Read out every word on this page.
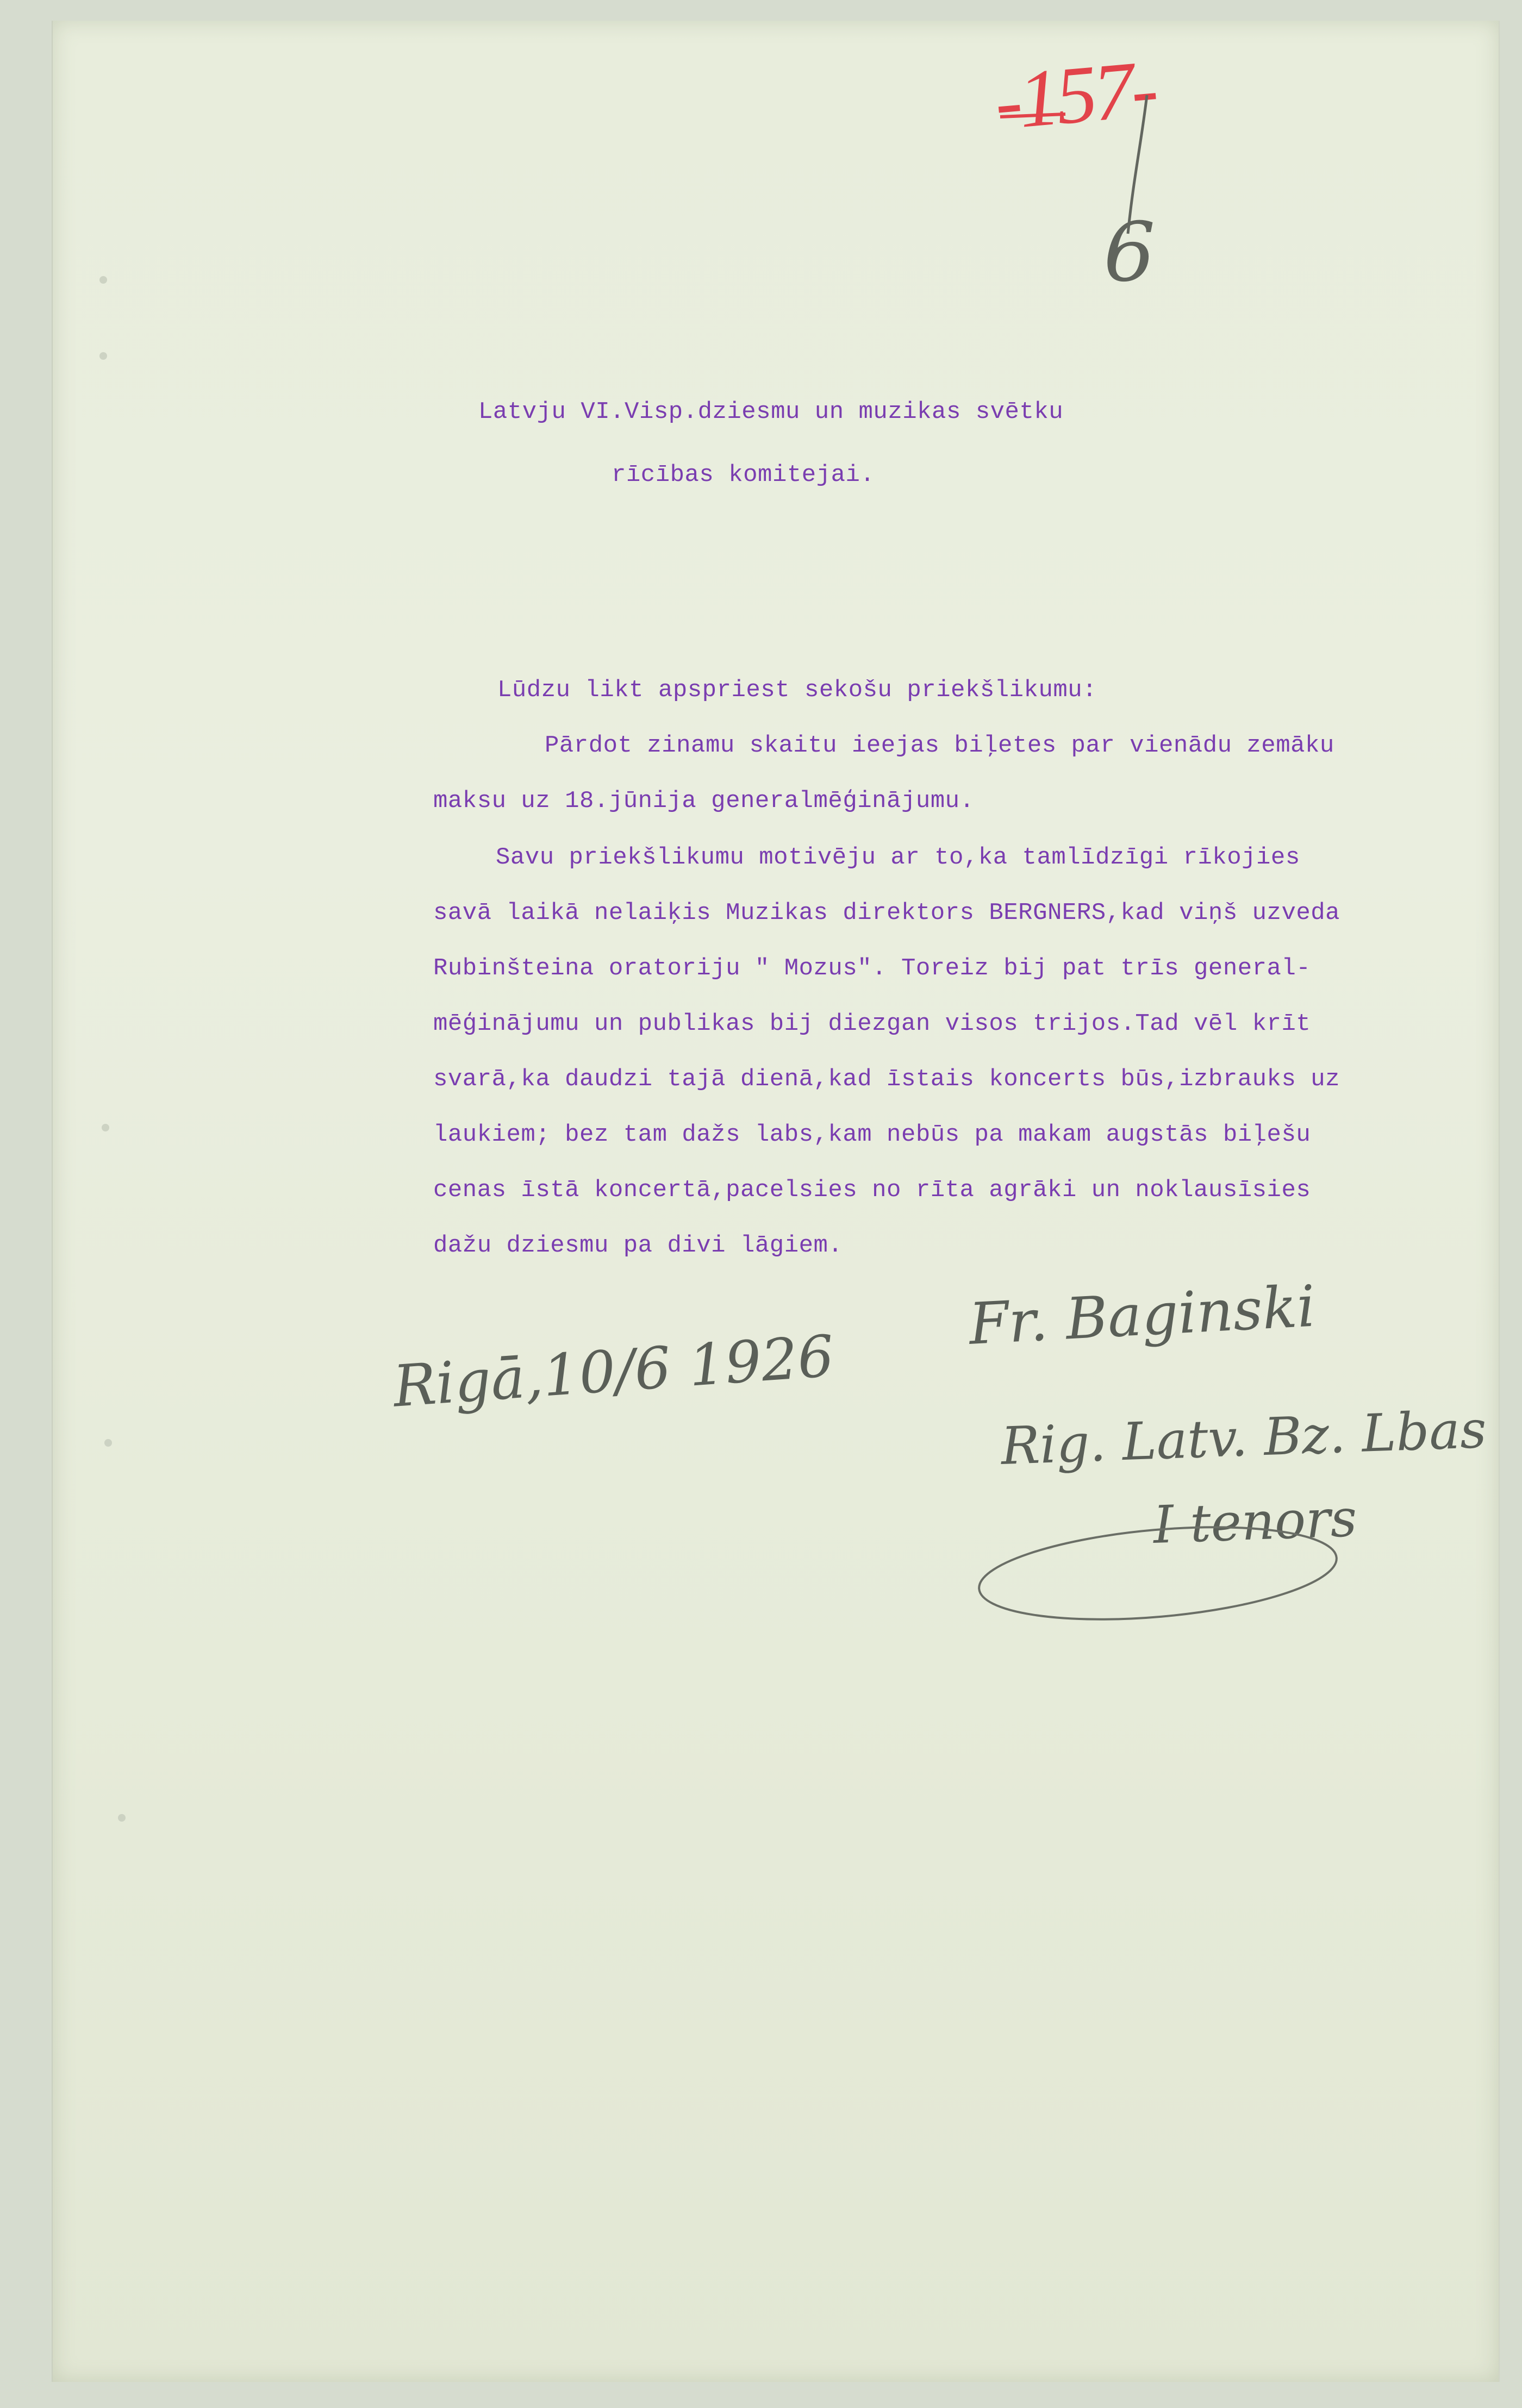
-157-
6
Latvju VI.Visp.dziesmu un muzikas svētku
rīcības komitejai.
Lūdzu likt apspriest sekošu priekšlikumu:
Pārdot zinamu skaitu ieejas biļetes par vienādu zemāku
maksu uz 18.jūnija generalmēģinājumu.
Savu priekšlikumu motivēju ar to,ka tamlīdzīgi rīkojies
savā laikā nelaiķis Muzikas direktors BERGNERS,kad viņš uzveda
Rubinšteina oratoriju " Mozus". Toreiz bij pat trīs general-
mēģinājumu un publikas bij diezgan visos trijos.Tad vēl krīt
svarā,ka daudzi tajā dienā,kad īstais koncerts būs,izbrauks uz
laukiem; bez tam dažs labs,kam nebūs pa makam augstās biļešu
cenas īstā koncertā,pacelsies no rīta agrāki un noklausīsies
dažu dziesmu pa divi lāgiem.
Rigā,10/6 1926
Fr. Baginski
Rig. Latv. Bz. Lbas
I tenors
